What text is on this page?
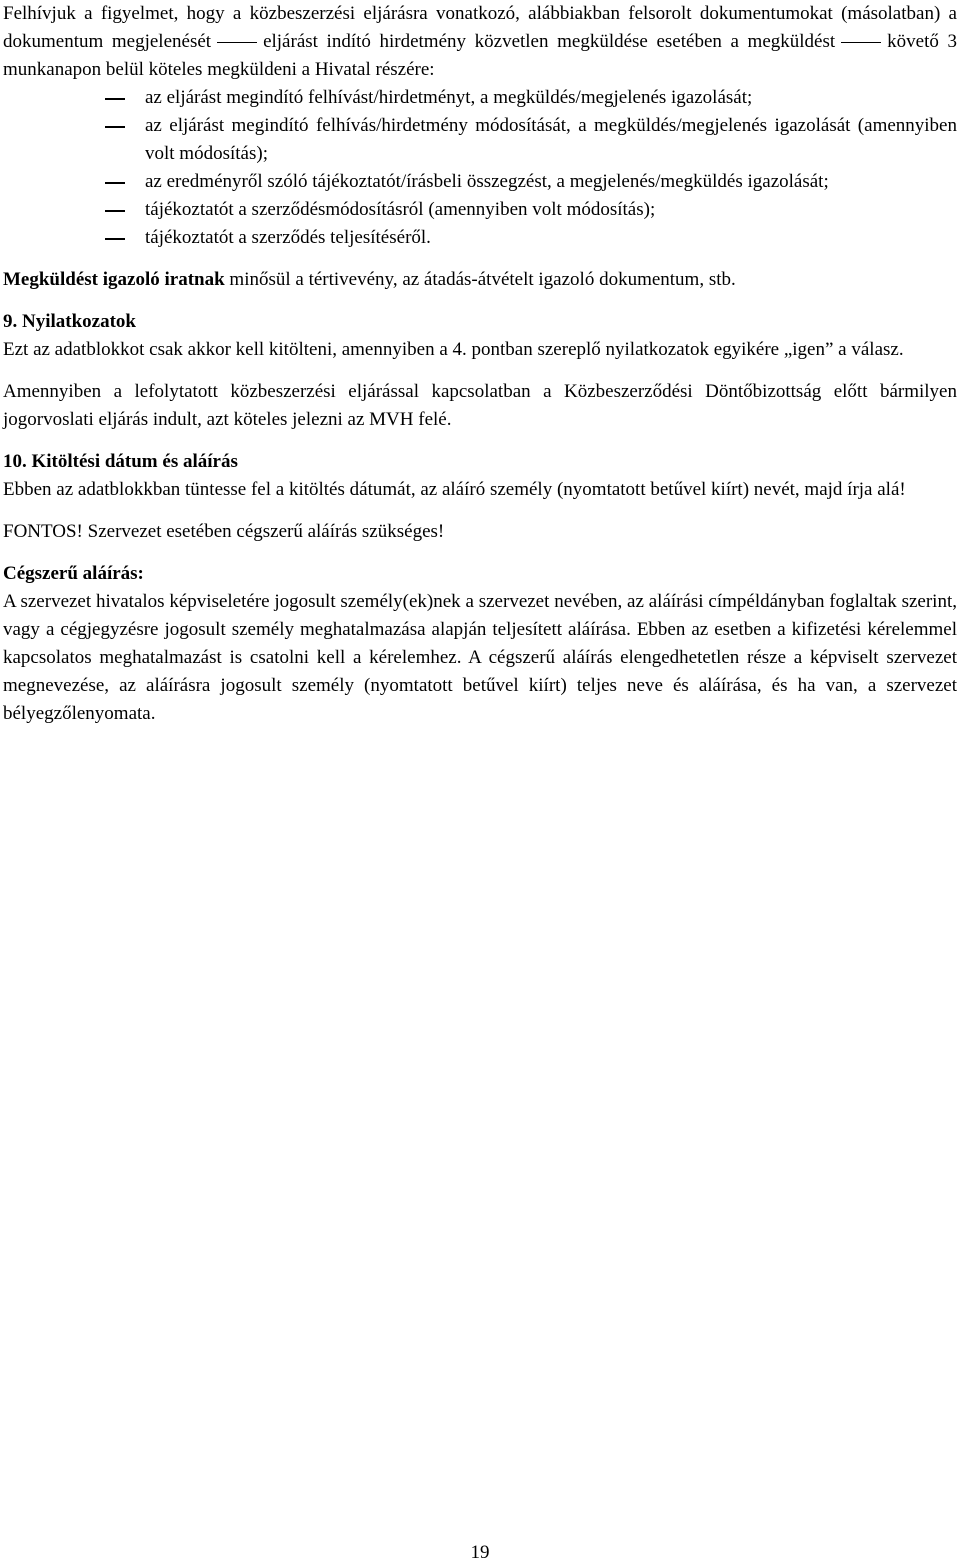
Felhívjuk a figyelmet, hogy a közbeszerzési eljárásra vonatkozó, alábbiakban felsorolt dokumentumokat (másolatban) a dokumentum megjelenését	eljárást indító hirdetmény közvetlen megküldése esetében a megküldést	követő 3 munkanapon belül köteles megküldeni a Hivatal részére:

az eljárást megindító felhívást/hirdetményt, a megküldés/megjelenés igazolását;
az eljárást megindító felhívás/hirdetmény módosítását, a megküldés/megjelenés igazolását (amennyiben volt módosítás);
az eredményről szóló tájékoztatót/írásbeli összegzést, a megjelenés/megküldés igazolását;
tájékoztatót a szerződésmódosításról (amennyiben volt módosítás);
tájékoztatót a szerződés teljesítéséről.

Megküldést igazoló iratnak minősül a tértivevény, az átadás-átvételt igazoló dokumentum, stb.

9. Nyilatkozatok

Ezt az adatblokkot csak akkor kell kitölteni, amennyiben a 4. pontban szereplő nyilatkozatok egyikére „igen” a válasz.

Amennyiben a lefolytatott közbeszerzési eljárással kapcsolatban a Közbeszerződési Döntőbizottság előtt bármilyen jogorvoslati eljárás indult, azt köteles jelezni az MVH felé.

10. Kitöltési dátum és aláírás

Ebben az adatblokkban tüntesse fel a kitöltés dátumát, az aláíró személy (nyomtatott betűvel kiírt) nevét, majd írja alá!

FONTOS! Szervezet esetében cégszerű aláírás szükséges!

Cégszerű aláírás:

A szervezet hivatalos képviseletére jogosult személy(ek)nek a szervezet nevében, az aláírási címpéldányban foglaltak szerint, vagy a cégjegyzésre jogosult személy meghatalmazása alapján teljesített aláírása. Ebben az esetben a kifizetési kérelemmel kapcsolatos meghatalmazást is csatolni kell a kérelemhez. A cégszerű aláírás elengedhetetlen része a képviselt szervezet megnevezése, az aláírásra jogosult személy (nyomtatott betűvel kiírt) teljes neve és aláírása, és ha van, a szervezet bélyegzőlenyomata.

19
